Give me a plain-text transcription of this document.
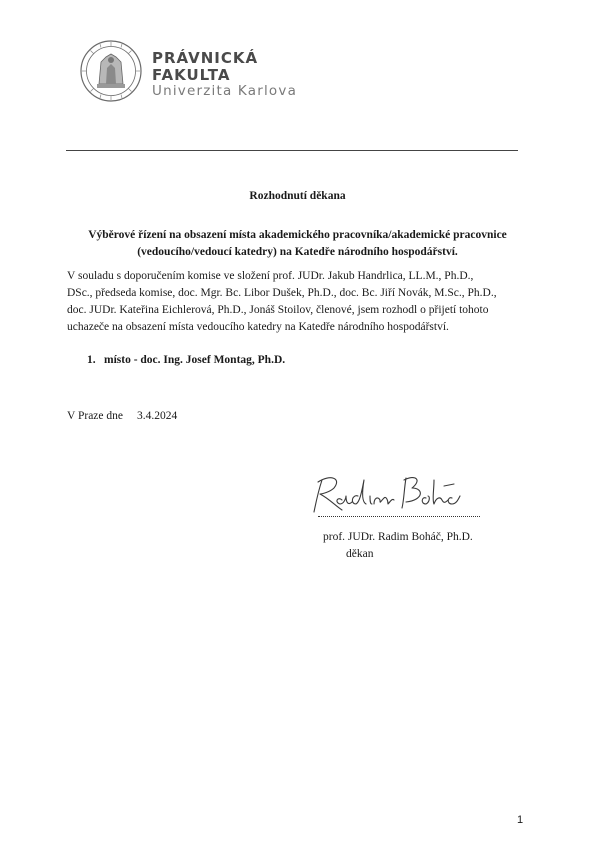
PRÁVNICKÁ
FAKULTA
Univerzita Karlova
Rozhodnutí děkana
Výběrové řízení na obsazení místa akademického pracovníka/akademické pracovnice
(vedoucího/vedoucí katedry) na Katedře národního hospodářství.
V souladu s doporučením komise ve složení prof. JUDr. Jakub Handrlica, LL.M., Ph.D.,
DSc., předseda komise, doc. Mgr. Bc. Libor Dušek, Ph.D., doc. Bc. Jiří Novák, M.Sc., Ph.D.,
doc. JUDr. Kateřina Eichlerová, Ph.D., Jonáš Stoilov, členové, jsem rozhodl o přijetí tohoto
uchazeče na obsazení místa vedoucího katedry na Katedře národního hospodářství.
1. místo - doc. Ing. Josef Montag, Ph.D.
V Praze dne 3.4.2024
prof. JUDr. Radim Boháč, Ph.D.
děkan
1
